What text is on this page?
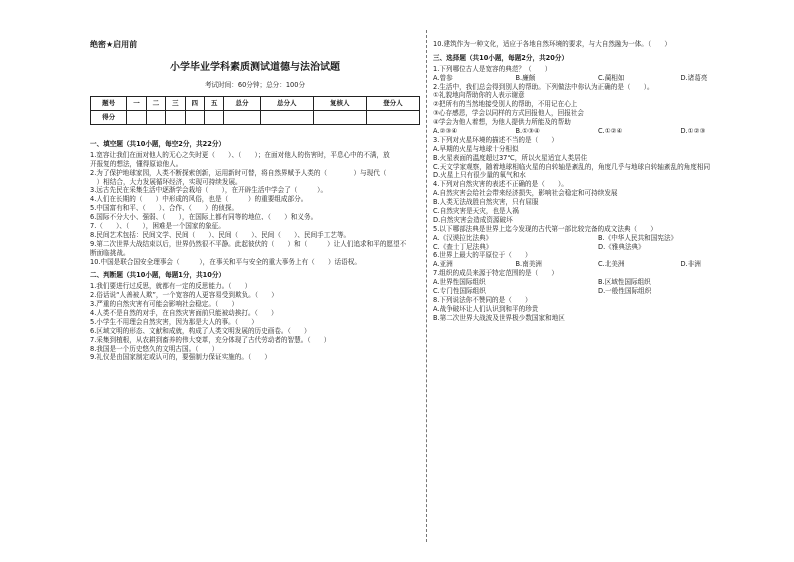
绝密★启用前
小学毕业学科素质测试道德与法治试题
考试时间：60分钟；总分：100分
题号	一	二	三	四	五	总分	总分人	复核人	登分人
得分									

一、填空题（共10小题，每空2分，共22分）

1.宽容让我们在面对他人的无心之失时更（　　）、（　　）；在面对他人的伤害时，平息心中的不满，放

开报复的想法，懂得原谅他人。

2.为了保护地球家园，人类不断探索创新，运用新时可替，将自然界赋予人类的（　　　　）与现代（　　

　）相结合，大力发展循环经济，实现可持续发展。

3.远古先民在采集生活中逐渐学会栽培（　　），在开辟生活中学会了（　　　）。

4.人们在长期的（　　）中形成的风俗，也是（　　　）的重要组成部分。

5.中国富有和平、（　　）、合作、（　　）的侦探。

6.国际不分大小、强弱、（　　），在国际上都有同等的地位、（　　）和义务。

7.（　　）、（　　），困难是一个国家的象征。

8.民间艺术包括：民间文学、民间（　　）、民间（　　）、民间（　　）、民间手工艺等。

9.第二次世界大战结束以后，世界仍然很不平静。此起彼伏的（　　）和（　　　）让人们追求和平的愿望不

断面临挑战。

10.中国是联合国安全理事会（　　　），在事关和平与安全的重大事务上有（　　）话语权。

二、判断题（共10小题，每题1分，共10分）

1.我们要进行过反思，就都有一定的反思能力。（　　）

2.俗话说“人善被人欺”，一个宽容的人更容易受到欺负。（　　）

3.严重的自然灾害有可能会影响社会稳定。（　　）

4.人类不是自然的对手，在自然灾害面前只能被动挨打。（　　）

5.小学生不用理会自然灾害，因为那是大人的事。（　　）

6.区域文明的形态、文献和成就，构成了人类文明发展的历史画卷。（　　）

7.采集到植根，从农耕到畜养的伟大变革，充分体现了古代劳动者的智慧。（　　）

8.我国是一个历史悠久的文明古国。（　　）

9.礼仪是由国家制定或认可的，要强制力保证实施的。（　　）

10.建筑作为一种文化，适应于各地自然环境的要求，与大自然融为一体。（　　）

三、选择题（共10小题，每题2分，共20分）

1.下列哪位古人是宽容的典范？（　　）

A.曾参	B.廉颇	C.蔺相如	D.诸葛亮

2.生活中，我们总会得到别人的帮助。下列做法中你认为正确的是（　　）。

①礼貌地向帮助你的人表示谢意

②把所有的当然地接受别人的帮助，不用记在心上

③心存感恩，学会以同样的方式回报他人，回报社会

④学会为他人着想，为他人提供力所能及的帮助

A.②③④	B.①③④	C.①②④	D.①②③

3.下列对火星环境的描述不当的是（　　）

A.早期的火星与地球十分相似

B.火星表面的温度超过37℃，所以火星适宜人类居住

C.天文学家观察，随着地球相临火星的自转轴是紊乱的，角度几乎与地球自转轴紊乱的角度相同

D.火星上只有很少量的氧气和水

4.下列对自然灾害的表述不正确的是（　　）。

A.自然灾害会给社会带来经济损失，影响社会稳定和可持续发展

B.人类无法战胜自然灾害，只有屈服

C.自然灾害是天灾，也是人祸

D.自然灾害会造成资源破坏

5.以下哪部法典是世界上迄今发现的古代第一部比较完备的成文法典（　　）

A.《汉谟拉比法典》	B.《中华人民共和国宪法》
C.《查士丁尼法典》	D.《雅典法典》

6.世界上最大的平原位于（　　）

A.亚洲	B.南美洲	C.北美洲	D.非洲

7.组织的成员来源于特定范围的是（　　）

A.世界性国际组织	B.区域性国际组织
C.专门性国际组织	D.一般性国际组织

8.下列说法你不赞同的是（　　）

A.战争破坏让人们认识到和平的珍贵

B.第二次世界大战波及世界极少数国家和地区
